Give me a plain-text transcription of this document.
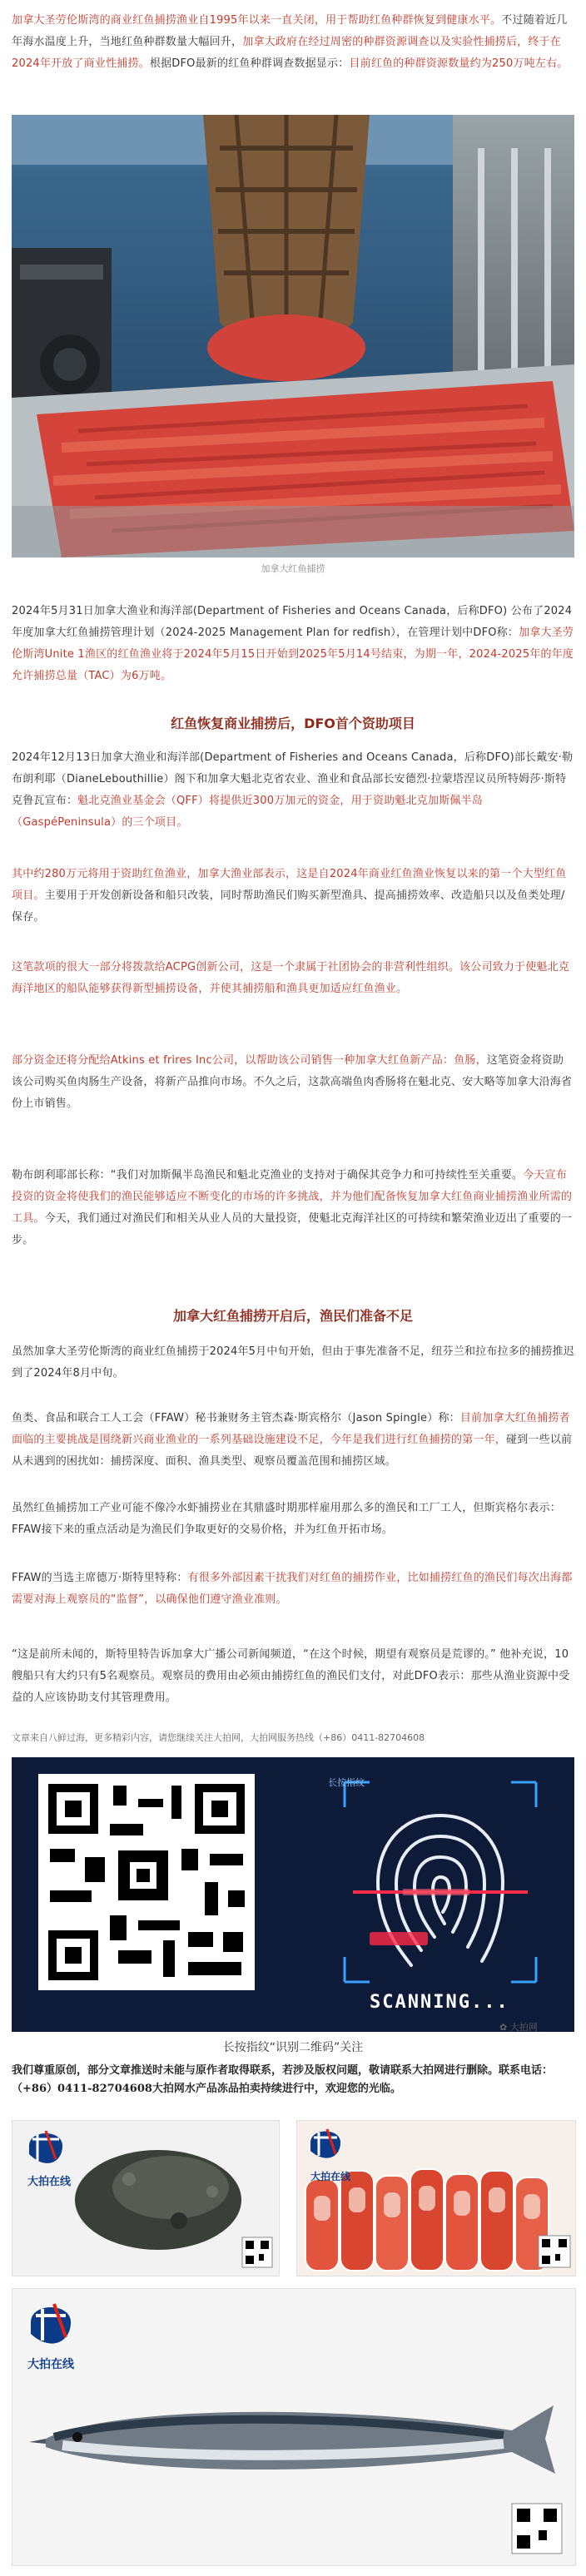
加拿大圣劳伦斯湾的商业红鱼捕捞渔业自1995年以来一直关闭，用于帮助红鱼种群恢复到健康水平。不过随着近几年海水温度上升，当地红鱼种群数量大幅回升，加拿大政府在经过周密的种群资源调查以及实验性捕捞后，终于在2024年开放了商业性捕捞。根据DFO最新的红鱼种群调查数据显示：目前红鱼的种群资源数量约为250万吨左右。

加拿大红鱼捕捞

2024年5月31日加拿大渔业和海洋部(Department of Fisheries and Oceans Canada，后称DFO) 公布了2024年度加拿大红鱼捕捞管理计划（2024-2025 Management Plan for redfish），在管理计划中DFO称：加拿大圣劳伦斯湾Unite 1渔区的红鱼渔业将于2024年5月15日开始到2025年5月14号结束，为期一年，2024-2025年的年度允许捕捞总量（TAC）为6万吨。

红鱼恢复商业捕捞后，DFO首个资助项目

2024年12月13日加拿大渔业和海洋部(Department of Fisheries and Oceans Canada，后称DFO)部长戴安·勒布朗利耶（DianeLebouthillie）阁下和加拿大魁北克省农业、渔业和食品部长安德烈·拉蒙塔涅议员所特姆莎·斯特克鲁瓦宣布：魁北克渔业基金会（QFF）将提供近300万加元的资金，用于资助魁北克加斯佩半岛（GaspéPeninsula）的三个项目。

其中约280万元将用于资助红鱼渔业，加拿大渔业部表示，这是自2024年商业红鱼渔业恢复以来的第一个大型红鱼项目。主要用于开发创新设备和船只改装，同时帮助渔民们购买新型渔具、提高捕捞效率、改造船只以及鱼类处理/保存。

这笔款项的很大一部分将拨款给ACPG创新公司，这是一个隶属于社团协会的非营利性组织。该公司致力于使魁北克海洋地区的船队能够获得新型捕捞设备，并使其捕捞船和渔具更加适应红鱼渔业。

部分资金还将分配给Atkins et frires Inc公司，以帮助该公司销售一种加拿大红鱼新产品：鱼肠，这笔资金将资助该公司购买鱼肉肠生产设备，将新产品推向市场。不久之后，这款高端鱼肉香肠将在魁北克、安大略等加拿大沿海省份上市销售。

勒布朗利耶部长称：“我们对加斯佩半岛渔民和魁北克渔业的支持对于确保其竞争力和可持续性至关重要。今天宣布投资的资金将使我们的渔民能够适应不断变化的市场的许多挑战，并为他们配备恢复加拿大红鱼商业捕捞渔业所需的工具。今天，我们通过对渔民们和相关从业人员的大量投资，使魁北克海洋社区的可持续和繁荣渔业迈出了重要的一步。

加拿大红鱼捕捞开启后，渔民们准备不足

虽然加拿大圣劳伦斯湾的商业红鱼捕捞于2024年5月中旬开始，但由于事先准备不足，纽芬兰和拉布拉多的捕捞推迟到了2024年8月中旬。

鱼类、食品和联合工人工会（FFAW）秘书兼财务主管杰森·斯宾格尔（Jason Spingle）称：目前加拿大红鱼捕捞者面临的主要挑战是围绕新兴商业渔业的一系列基础设施建设不足，今年是我们进行红鱼捕捞的第一年，碰到一些以前从未遇到的困扰如：捕捞深度、面积、渔具类型、观察员覆盖范围和捕捞区域。

虽然红鱼捕捞加工产业可能不像冷水虾捕捞业在其鼎盛时期那样雇用那么多的渔民和工厂工人，但斯宾格尔表示：FFAW接下来的重点活动是为渔民们争取更好的交易价格，并为红鱼开拓市场。

FFAW的当选主席德万·斯特里特称：有很多外部因素干扰我们对红鱼的捕捞作业，比如捕捞红鱼的渔民们每次出海都需要对海上观察员的“监督”，以确保他们遵守渔业准则。

“这是前所未闻的，斯特里特告诉加拿大广播公司新闻频道，“在这个时候，期望有观察员是荒谬的。” 他补充说，10艘船只有大约只有5名观察员。观察员的费用由必须由捕捞红鱼的渔民们支付，对此DFO表示：那些从渔业资源中受益的人应该协助支付其管理费用。

文章来自八鲜过海，更多精彩内容，请您继续关注大拍网，大拍网服务热线（+86）0411-82704608
长按指纹
SCANNING...
长按指纹“识别二维码”关注
✿ 大拍网
我们尊重原创，部分文章推送时未能与原作者取得联系，若涉及版权问题，敬请联系大拍网进行删除。联系电话：（+86）0411-82704608大拍网水产品冻品拍卖持续进行中，欢迎您的光临。
大拍在线	大拍在线
大拍在线
